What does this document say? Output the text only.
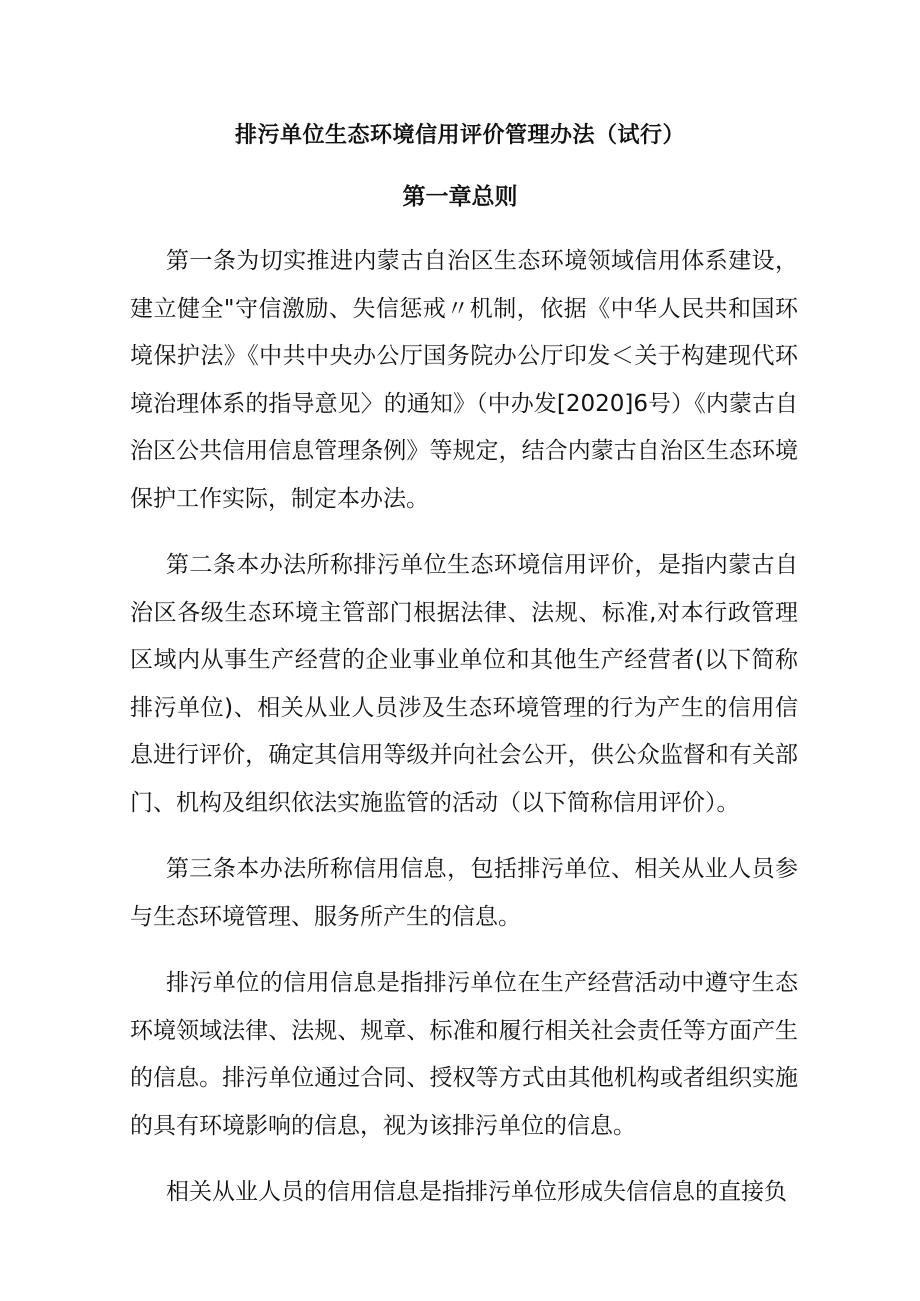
排污单位生态环境信用评价管理办法（试行）
第一章总则

第一条为切实推进内蒙古自治区生态环境领域信用体系建设，建立健全"守信激励、失信惩戒〃机制，依据《中华人民共和国环境保护法》《中共中央办公厅国务院办公厅印发＜关于构建现代环境治理体系的指导意见〉的通知》（中办发[2020]6号）《内蒙古自治区公共信用信息管理条例》等规定，结合内蒙古自治区生态环境保护工作实际，制定本办法。

第二条本办法所称排污单位生态环境信用评价，是指内蒙古自治区各级生态环境主管部门根据法律、法规、标准,对本行政管理区域内从事生产经营的企业事业单位和其他生产经营者(以下简称排污单位)、相关从业人员涉及生态环境管理的行为产生的信用信息进行评价，确定其信用等级并向社会公开，供公众监督和有关部门、机构及组织依法实施监管的活动（以下简称信用评价）。

第三条本办法所称信用信息，包括排污单位、相关从业人员参与生态环境管理、服务所产生的信息。

排污单位的信用信息是指排污单位在生产经营活动中遵守生态环境领域法律、法规、规章、标准和履行相关社会责任等方面产生的信息。排污单位通过合同、授权等方式由其他机构或者组织实施的具有环境影响的信息，视为该排污单位的信息。

相关从业人员的信用信息是指排污单位形成失信信息的直接负
